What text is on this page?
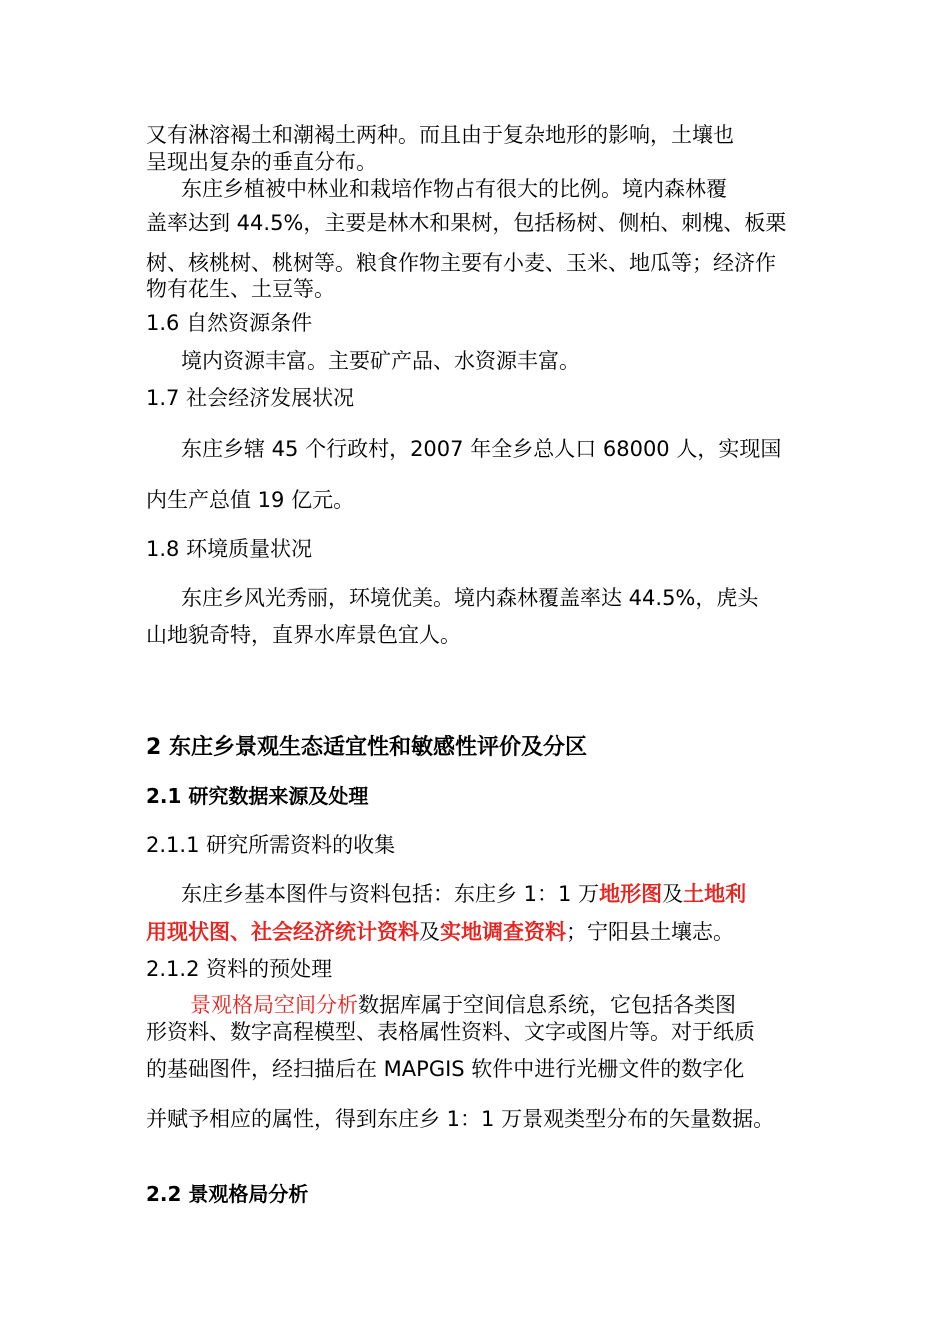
又有淋溶褐土和潮褐土两种。而且由于复杂地形的影响，土壤也
呈现出复杂的垂直分布。
东庄乡植被中林业和栽培作物占有很大的比例。境内森林覆
盖率达到 44.5%，主要是林木和果树，包括杨树、侧柏、刺槐、板栗
树、核桃树、桃树等。粮食作物主要有小麦、玉米、地瓜等；经济作
物有花生、土豆等。
1.6 自然资源条件
境内资源丰富。主要矿产品、水资源丰富。
1.7 社会经济发展状况
东庄乡辖 45 个行政村，2007 年全乡总人口 68000 人，实现国
内生产总值 19 亿元。
1.8 环境质量状况
东庄乡风光秀丽，环境优美。境内森林覆盖率达 44.5%，虎头
山地貌奇特，直界水库景色宜人。
2 东庄乡景观生态适宜性和敏感性评价及分区
2.1 研究数据来源及处理
2.1.1 研究所需资料的收集
东庄乡基本图件与资料包括：东庄乡 1：1 万地形图及土地利
用现状图、社会经济统计资料及实地调查资料；宁阳县土壤志。
2.1.2 资料的预处理
景观格局空间分析数据库属于空间信息系统，它包括各类图
形资料、数字高程模型、表格属性资料、文字或图片等。对于纸质
的基础图件，经扫描后在 MAPGIS 软件中进行光栅文件的数字化
并赋予相应的属性，得到东庄乡 1：1 万景观类型分布的矢量数据。
2.2 景观格局分析
